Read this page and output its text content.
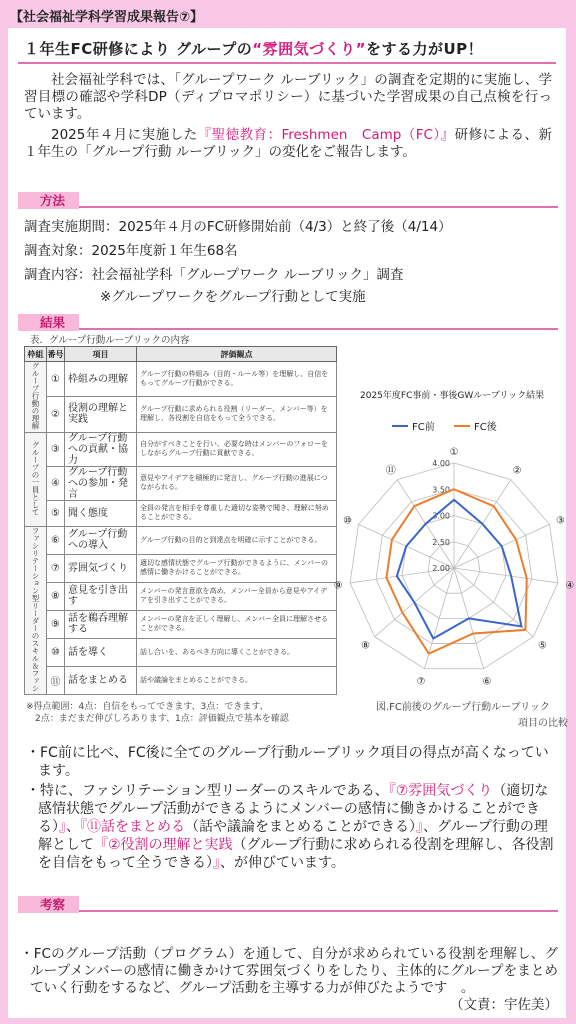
【社会福祉学科学習成果報告⑦】
１年生FC研修により グループの “雰囲気づくり” をする力がUP！

社会福祉学科では、「グループワーク ルーブリック」の調査を定期的に実施し、学習目標の確認や学科DP（ディプロマポリシー）に基づいた学習成果の自己点検を行っています。

2025年４月に実施した『聖徳教育：Freshmen　Camp（FC）』研修による、新１年生の「グループ行動 ルーブリック」の変化をご報告します。

方法
調査実施期間：2025年４月のFC研修開始前（4/3）と終了後（4/14）
調査対象：2025年度新１年生68名
調査内容：社会福祉学科「グループワーク ルーブリック」調査
※グループワークをグループ行動として実施
結果
表．グループ行動ルーブリックの内容
枠組	番号	項目	評価観点
グループ行動の理解	①	枠組みの理解	グループ行動の枠組み（目的・ルール等）を理解し、自信をもってグループ行動ができる。
	②	役割の理解と実践	グループ行動に求められる役割（リーダー、メンバー等）を理解し、各役割を自信をもって全うできる。
グループの一員として	③	グループ行動への貢献・協力	自分がすべきことを行い、必要な時はメンバーのフォローをしながらグループ行動に貢献できる。
	④	グループ行動への参加・発言	意見やアイデアを積極的に発言し、グループ行動の進展につながられる。
	⑤	聞く態度	全員の発言を相手を尊重した適切な姿勢で聞き、理解に努めることができる。
ファシリテーション型リーダーのスキル＆ファシ	⑥	グループ行動への導入	グループ行動の目的と到達点を明確に示すことができる。
	⑦	雰囲気づくり	適切な感情状態でグループ行動ができるように、メンバーの感情に働きかけることができる。
	⑧	意見を引き出す	メンバーの発言意欲を高め、メンバー全員から意見やアイデアを引き出すことができる。
	⑨	話を鵜呑理解する	メンバーの発言を正しく理解し、メンバー全員に理解させることができる。
	⑩	話を導く	話し合いを、あるべき方向に導くことができる。
	⑪	話をまとめる	話や議論をまとめることができる。
※得点範囲：4点：自信をもってできます、3点：できます、
　2点：まだまだ伸びしろあります、1点：評価観点で基本を確認
2025年度FC事前・事後GWルーブリック結果
2.00
2.50
3.00
3.50
4.00
①
②
③
④
⑤
⑥
⑦
⑧
⑨
⑩
⑪
FC前	FC後
図.FC前後のグループ行動ルーブリック
項目の比較
・FC前に比べ、FC後に全てのグループ行動ルーブリック項目の得点が高くなっています。
・特に、ファシリテーション型リーダーのスキルである、『⑦雰囲気づくり（適切な感情状態でグループ活動ができるようにメンバーの感情に働きかけることができる）』、『⑪話をまとめる（話や議論をまとめることができる）』、グループ行動の理解として『②役割の理解と実践（グループ行動に求められる役割を理解し、各役割を自信をもって全うできる）』、が伸びています。
考察

・FCのグループ活動（プログラム）を通して、自分が求められている役割を理解し、グループメンバーの感情に働きかけて雰囲気づくりをしたり、主体的にグループをまとめていく行動をするなど、グループ活動を主導する力が伸びたようです　。
（文責：宇佐美）
